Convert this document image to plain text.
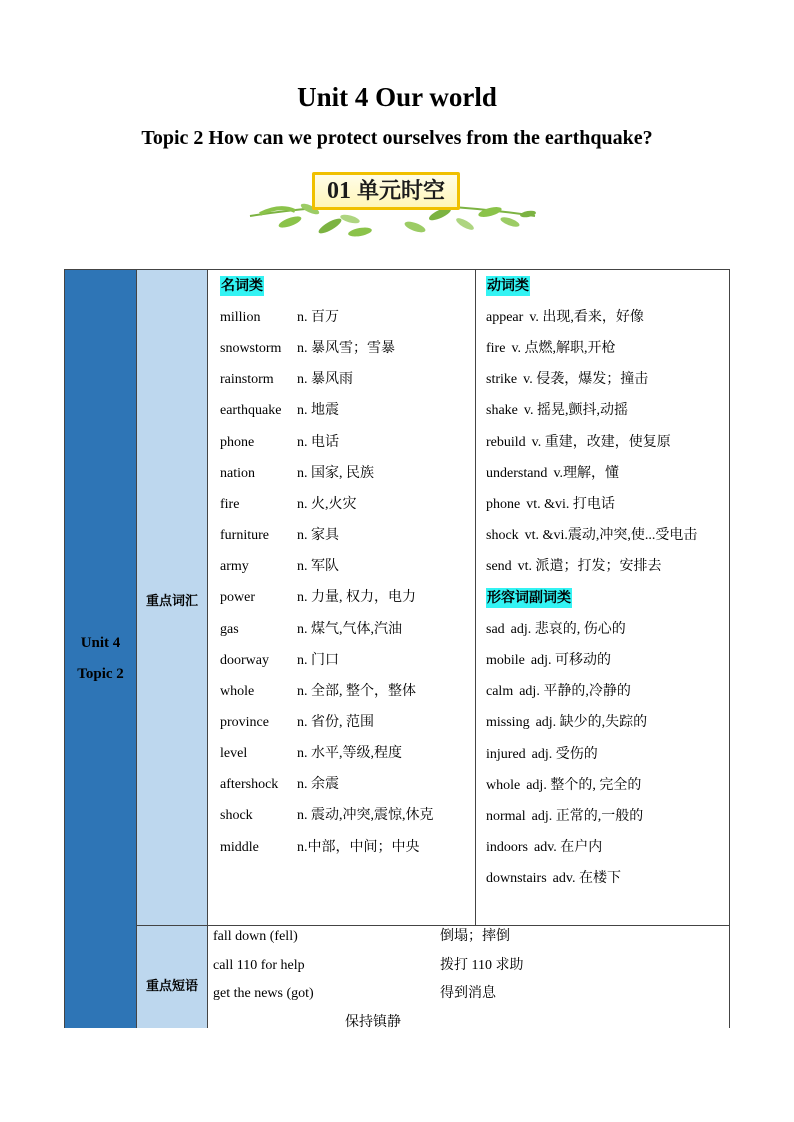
Unit 4 Our world
Topic 2 How can we protect ourselves from the earthquake?
01 单元时空
Unit 4
Topic 2
重点词汇
重点短语
名词类
million	n. 百万
snowstorm n. 暴风雪；雪暴
rainstorm n. 暴风雨
earthquake n. 地震
phone	n. 电话
nation	n. 国家, 民族
fire	n. 火,火灾
furniture n. 家具
army	n. 军队
power	n. 力量, 权力，电力
gas	n. 煤气,气体,汽油
doorway n. 门口
whole	n. 全部, 整个，整体
province n. 省份, 范围
level	n. 水平,等级,程度
aftershock n. 余震
shock	n. 震动,冲突,震惊,休克
middle	n.中部，中间；中央
动词类
appear v. 出现,看来，好像
fire v. 点燃,解职,开枪
strike v. 侵袭，爆发；撞击
shake v. 摇晃,颤抖,动摇
rebuild v. 重建，改建，使复原
understand v.理解，懂
phone vt. &vi. 打电话
shock vt. &vi.震动,冲突,使...受电击
send vt. 派遣；打发；安排去
形容词副词类
sad adj. 悲哀的, 伤心的
mobile adj. 可移动的
calm adj. 平静的,冷静的
missing adj. 缺少的,失踪的
injured adj. 受伤的
whole adj. 整个的, 完全的
normal adj. 正常的,一般的
indoors adv. 在户内
downstairs adv. 在楼下
fall down (fell)	倒塌；摔倒
call 110 for help	拨打 110 求助
get the news (got)	得到消息
保持镇静
